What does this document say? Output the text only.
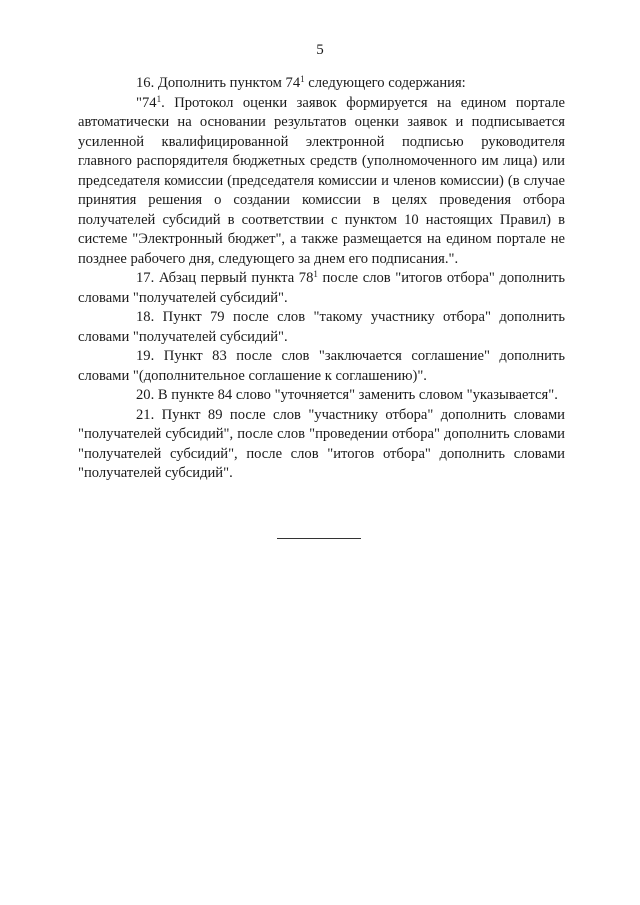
5

16. Дополнить пунктом $74^1$ следующего содержания:

"$74^1$. Протокол оценки заявок формируется на едином портале автоматически на основании результатов оценки заявок и подписывается усиленной квалифицированной электронной подписью руководителя главного распорядителя бюджетных средств (уполномоченного им лица) или председателя комиссии (председателя комиссии и членов комиссии) (в случае принятия решения о создании комиссии в целях проведения отбора получателей субсидий в соответствии с пунктом 10 настоящих Правил) в системе "Электронный бюджет", а также размещается на едином портале не позднее рабочего дня, следующего за днем его подписания.".

17. Абзац первый пункта $78^1$ после слов "итогов отбора" дополнить словами "получателей субсидий".

18. Пункт 79 после слов "такому участнику отбора" дополнить словами "получателей субсидий".

19. Пункт 83 после слов "заключается соглашение" дополнить словами "(дополнительное соглашение к соглашению)".

20. В пункте 84 слово "уточняется" заменить словом "указывается".

21. Пункт 89 после слов "участнику отбора" дополнить словами "получателей субсидий", после слов "проведении отбора" дополнить словами "получателей субсидий", после слов "итогов отбора" дополнить словами "получателей субсидий".
